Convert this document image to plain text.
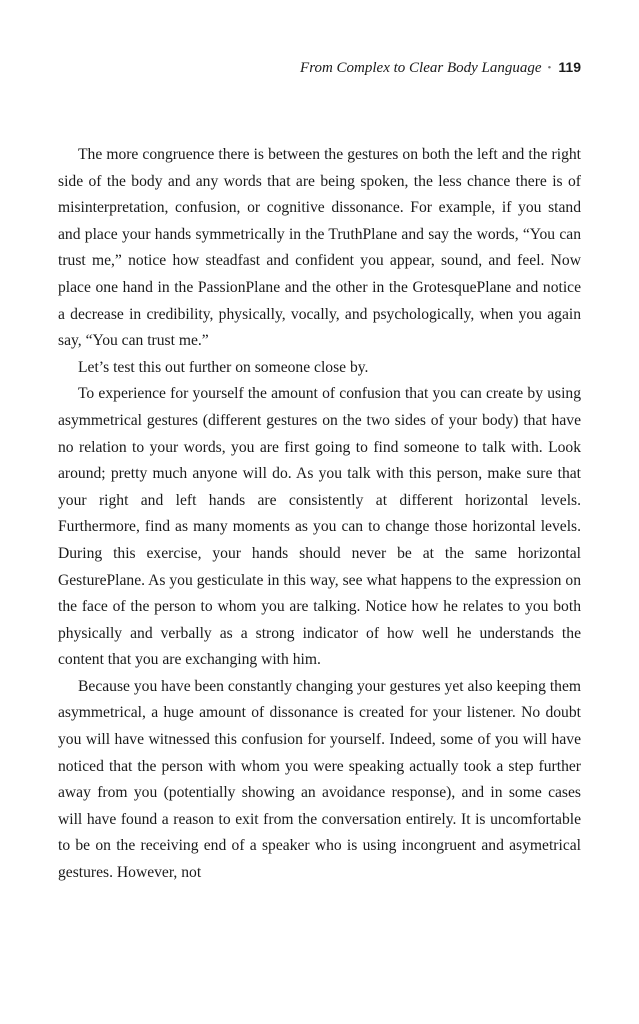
From Complex to Clear Body Language • 119

The more congruence there is between the gestures on both the left and the right side of the body and any words that are being spoken, the less chance there is of misinterpretation, confusion, or cognitive dissonance. For example, if you stand and place your hands symmetrically in the TruthPlane and say the words, “You can trust me,” notice how steadfast and confident you appear, sound, and feel. Now place one hand in the PassionPlane and the other in the GrotesquePlane and notice a decrease in credibility, physically, vocally, and psychologically, when you again say, “You can trust me.”

Let’s test this out further on someone close by.

To experience for yourself the amount of confusion that you can create by using asymmetrical gestures (different gestures on the two sides of your body) that have no relation to your words, you are first going to find someone to talk with. Look around; pretty much anyone will do. As you talk with this person, make sure that your right and left hands are consistently at different horizontal levels. Furthermore, find as many moments as you can to change those horizontal levels. During this exercise, your hands should never be at the same horizontal GesturePlane. As you gesticulate in this way, see what happens to the expression on the face of the person to whom you are talking. Notice how he relates to you both physically and verbally as a strong indicator of how well he understands the content that you are exchanging with him.

Because you have been constantly changing your gestures yet also keeping them asymmetrical, a huge amount of dissonance is created for your listener. No doubt you will have witnessed this confusion for yourself. Indeed, some of you will have noticed that the person with whom you were speaking actually took a step further away from you (potentially showing an avoidance response), and in some cases will have found a reason to exit from the conversation entirely. It is uncomfortable to be on the receiving end of a speaker who is using incongruent and asymetrical gestures. However, not
